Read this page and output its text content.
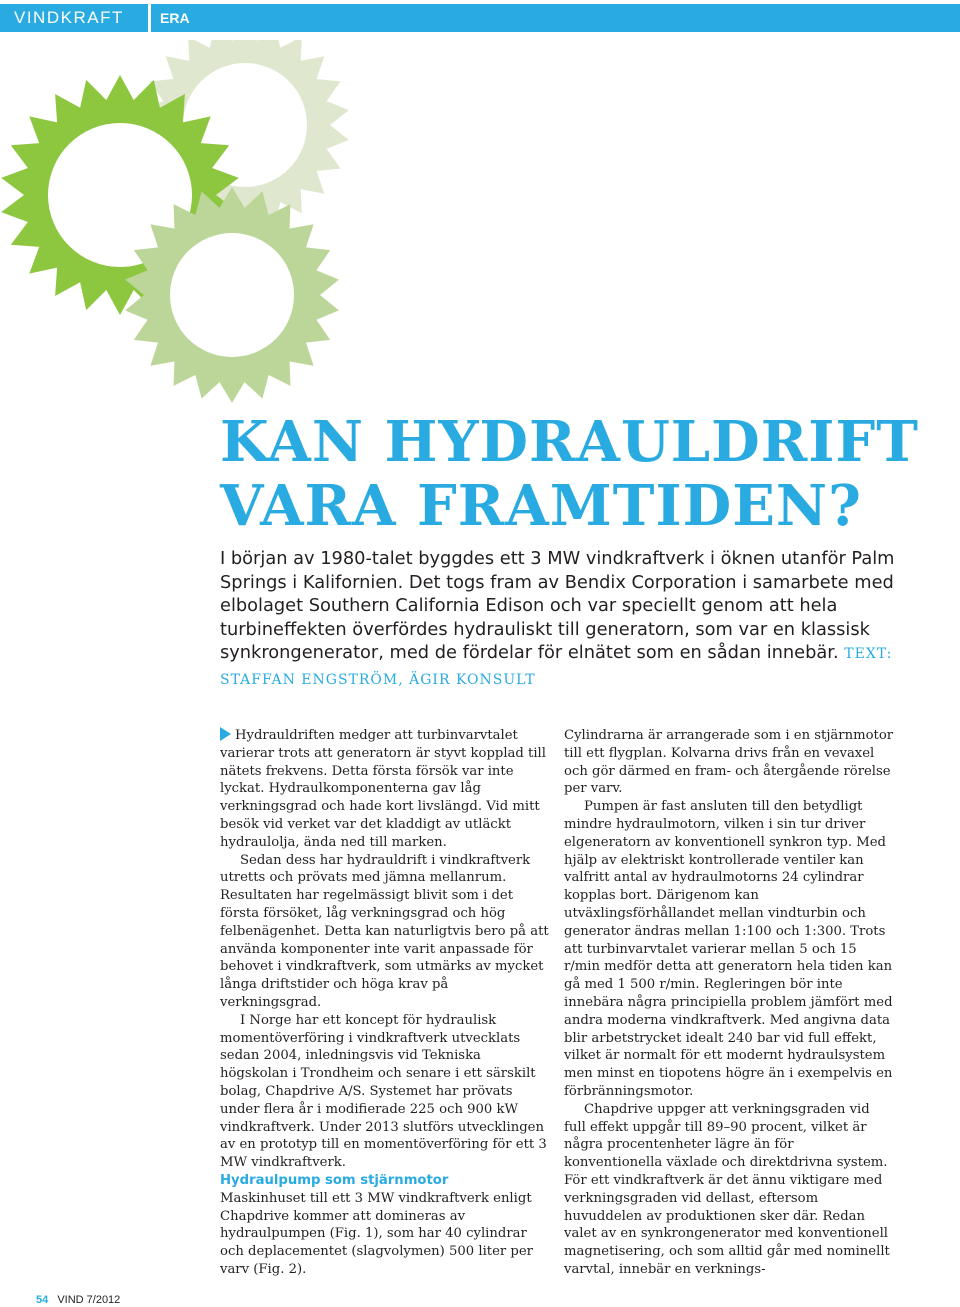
VINDKRAFT	ERA
KAN HYDRAULDRIFT
VARA FRAMTIDEN?
I början av 1980-talet byggdes ett 3 MW vindkraftverk i öknen utanför Palm Springs i Kalifornien. Det togs fram av Bendix Corporation i samarbete med elbolaget Southern California Edison och var speciellt genom att hela turbineffekten överfördes hydrauliskt till generatorn, som var en klassisk synkrongenerator, med de fördelar för elnätet som en sådan innebär. TEXT: STAFFAN ENGSTRÖM, ÄGIR KONSULT

Hydrauldriften medger att turbinvarvtalet varierar trots att generatorn är styvt kopplad till nätets frekvens. Detta första försök var inte lyckat. Hydraulkomponenterna gav låg verkningsgrad och hade kort livslängd. Vid mitt besök vid verket var det kladdigt av utläckt hydraulolja, ända ned till marken.

Sedan dess har hydrauldrift i vindkraftverk utretts och prövats med jämna mellanrum. Resultaten har regelmässigt blivit som i det första försöket, låg verkningsgrad och hög felbenägenhet. Detta kan naturligtvis bero på att använda komponenter inte varit anpassade för behovet i vindkraftverk, som utmärks av mycket långa driftstider och höga krav på verkningsgrad.

I Norge har ett koncept för hydraulisk momentöverföring i vindkraftverk utvecklats sedan 2004, inledningsvis vid Tekniska högskolan i Trondheim och senare i ett särskilt bolag, Chapdrive A/S. Systemet har prövats under flera år i modifierade 225 och 900 kW vindkraftverk. Under 2013 slutförs utvecklingen av en prototyp till en momentöverföring för ett 3 MW vindkraftverk.

Hydraulpump som stjärnmotor

Maskinhuset till ett 3 MW vindkraftverk enligt Chapdrive kommer att domineras av hydraulpumpen (Fig. 1), som har 40 cylindrar och deplacementet (slagvolymen) 500 liter per varv (Fig. 2).

Cylindrarna är arrangerade som i en stjärnmotor till ett flygplan. Kolvarna drivs från en vevaxel och gör därmed en fram- och återgående rörelse per varv.

Pumpen är fast ansluten till den betydligt mindre hydraulmotorn, vilken i sin tur driver elgeneratorn av konventionell synkron typ. Med hjälp av elektriskt kontrollerade ventiler kan valfritt antal av hydraulmotorns 24 cylindrar kopplas bort. Därigenom kan utväxlingsförhållandet mellan vindturbin och generator ändras mellan 1:100 och 1:300. Trots att turbinvarvtalet varierar mellan 5 och 15 r/min medför detta att generatorn hela tiden kan gå med 1 500 r/min. Regleringen bör inte innebära några principiella problem jämfört med andra moderna vindkraftverk. Med angivna data blir arbetstrycket idealt 240 bar vid full effekt, vilket är normalt för ett modernt hydraulsystem men minst en tiopotens högre än i exempelvis en förbränningsmotor.

Chapdrive uppger att verkningsgraden vid full effekt uppgår till 89–90 procent, vilket är några procentenheter lägre än för konventionella växlade och direktdrivna system. För ett vindkraftverk är det ännu viktigare med verkningsgraden vid dellast, eftersom huvuddelen av produktionen sker där. Redan valet av en synkrongenerator med konventionell magnetisering, och som alltid går med nominellt varvtal, innebär en verknings-

54 VIND 7/2012
